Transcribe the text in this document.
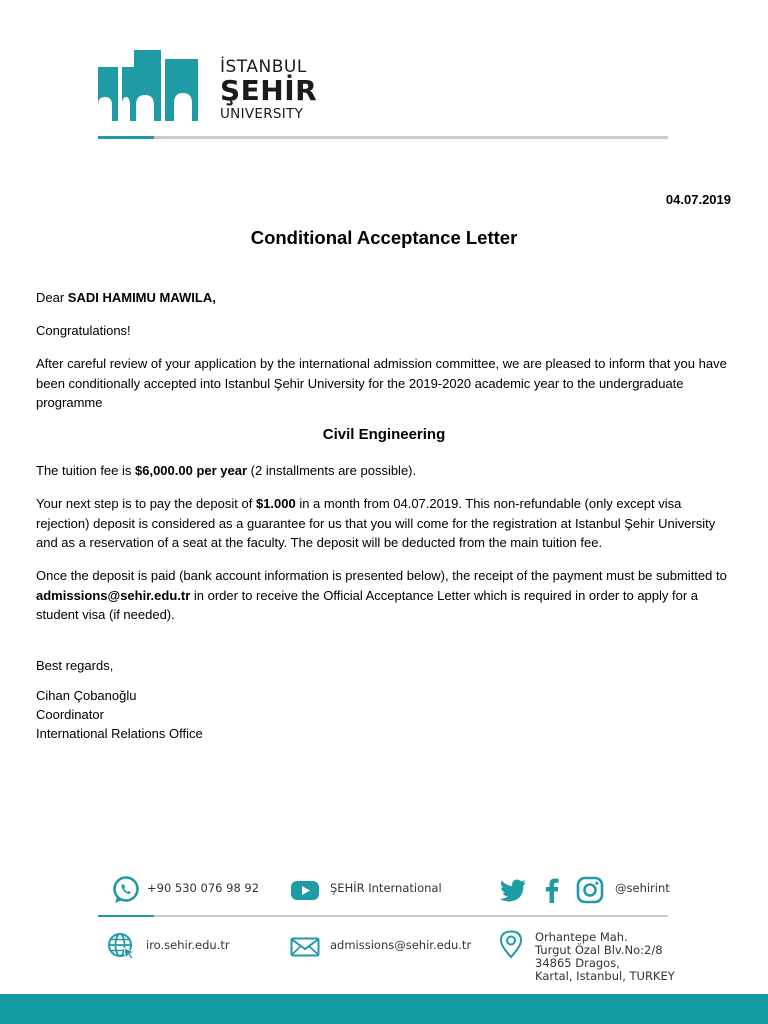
İSTANBUL
ŞEHİR
UNIVERSITY
04.07.2019
Conditional Acceptance Letter
Dear SADI HAMIMU MAWILA,
Congratulations!
After careful review of your application by the international admission committee, we are pleased to inform that you have been conditionally accepted into Istanbul Şehir University for the 2019-2020 academic year to the undergraduate programme
Civil Engineering
The tuition fee is $6,000.00 per year (2 installments are possible).
Your next step is to pay the deposit of $1.000 in a month from 04.07.2019. This non-refundable (only except visa rejection) deposit is considered as a guarantee for us that you will come for the registration at Istanbul Şehir University and as a reservation of a seat at the faculty. The deposit will be deducted from the main tuition fee.
Once the deposit is paid (bank account information is presented below), the receipt of the payment must be submitted to admissions@sehir.edu.tr in order to receive the Official Acceptance Letter which is required in order to apply for a student visa (if needed).
Best regards,
Cihan Çobanoğlu
Coordinator
International Relations Office
+90 530 076 98 92	ŞEHİR International	@sehirint
iro.sehir.edu.tr	admissions@sehir.edu.tr
Orhantepe Mah.
Turgut Özal Blv.No:2/8
34865 Dragos,
Kartal, Istanbul, TURKEY
